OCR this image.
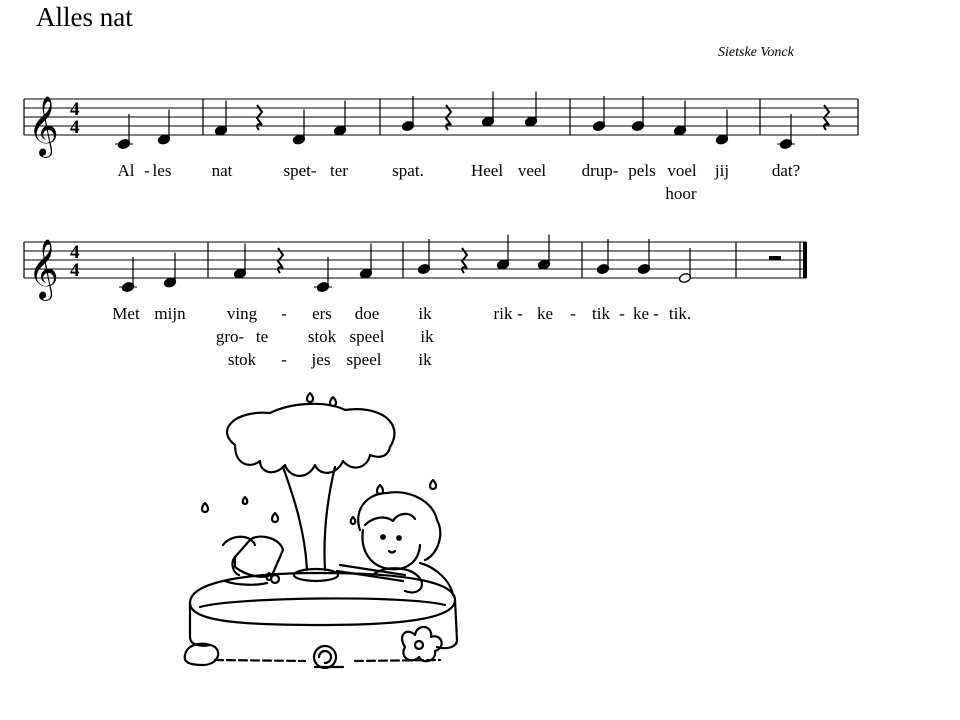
Alles nat
Sietske Vonck
𝄞 4
4
𝄞 4
4
Al - les nat	spet- ter	spat.	Heel veel drup- pels voel jij	dat?
hoor
Met mijn ving - ers doe ik	rik - ke - tik - ke - tik.
gro- te stok speel ik
stok - jes speel ik
